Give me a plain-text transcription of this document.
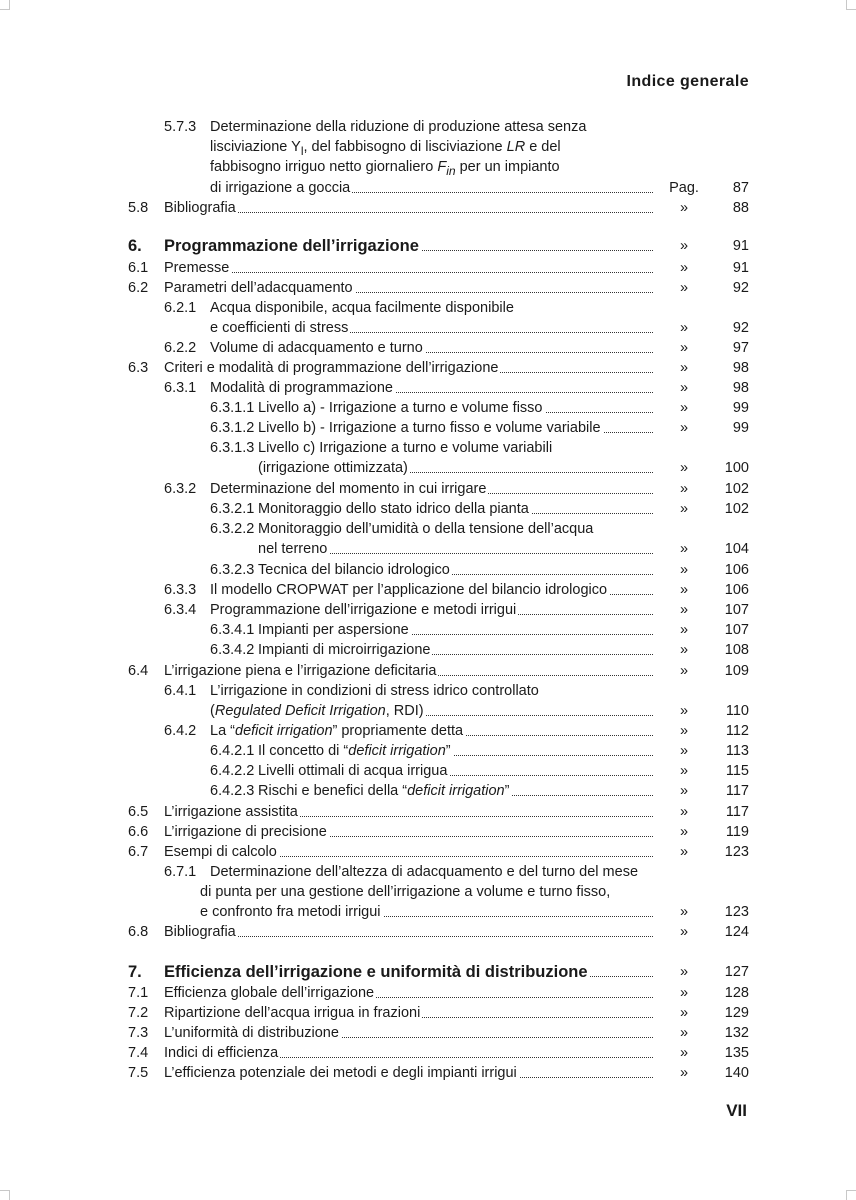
Indice generale
5.7.3 Determinazione della riduzione di produzione attesa senza
lisciviazione $Y_l$, del fabbisogno di lisciviazione LR e del
fabbisogno irriguo netto giornaliero $F_{in}$ per un impianto
di irrigazione a goccia	Pag.	87
5.8 Bibliografia	»	88
6. Programmazione dell’irrigazione	»	91
6.1 Premesse	»	91
6.2 Parametri dell’adacquamento	»	92
6.2.1 Acqua disponibile, acqua facilmente disponibile
e coefficienti di stress	»	92
6.2.2 Volume di adacquamento e turno	»	97
6.3 Criteri e modalità di programmazione dell’irrigazione	»	98
6.3.1 Modalità di programmazione	»	98
6.3.1.1 Livello a) - Irrigazione a turno e volume fisso	»	99
6.3.1.2 Livello b) - Irrigazione a turno fisso e volume variabile	»	99
6.3.1.3 Livello c) Irrigazione a turno e volume variabili
(irrigazione ottimizzata)	»	100
6.3.2 Determinazione del momento in cui irrigare	»	102
6.3.2.1 Monitoraggio dello stato idrico della pianta	»	102
6.3.2.2 Monitoraggio dell’umidità o della tensione dell’acqua
nel terreno	»	104
6.3.2.3 Tecnica del bilancio idrologico	»	106
6.3.3 Il modello CROPWAT per l’applicazione del bilancio idrologico	»	106
6.3.4 Programmazione dell’irrigazione e metodi irrigui	»	107
6.3.4.1 Impianti per aspersione	»	107
6.3.4.2 Impianti di microirrigazione	»	108
6.4 L’irrigazione piena e l’irrigazione deficitaria	»	109
6.4.1 L’irrigazione in condizioni di stress idrico controllato
(Regulated Deficit Irrigation, RDI)	»	110
6.4.2 La “deficit irrigation” propriamente detta	»	112
6.4.2.1 Il concetto di “deficit irrigation”	»	113
6.4.2.2 Livelli ottimali di acqua irrigua	»	115
6.4.2.3 Rischi e benefici della “deficit irrigation”	»	117
6.5 L’irrigazione assistita	»	117
6.6 L’irrigazione di precisione	»	119
6.7 Esempi di calcolo	»	123
6.7.1 Determinazione dell’altezza di adacquamento e del turno del mese
di punta per una gestione dell’irrigazione a volume e turno fisso,
e confronto fra metodi irrigui	»	123
6.8 Bibliografia	»	124
7. Efficienza dell’irrigazione e uniformità di distribuzione	»	127
7.1 Efficienza globale dell’irrigazione	»	128
7.2 Ripartizione dell’acqua irrigua in frazioni	»	129
7.3 L’uniformità di distribuzione	»	132
7.4 Indici di efficienza	»	135
7.5 L’efficienza potenziale dei metodi e degli impianti irrigui	»	140
VII
